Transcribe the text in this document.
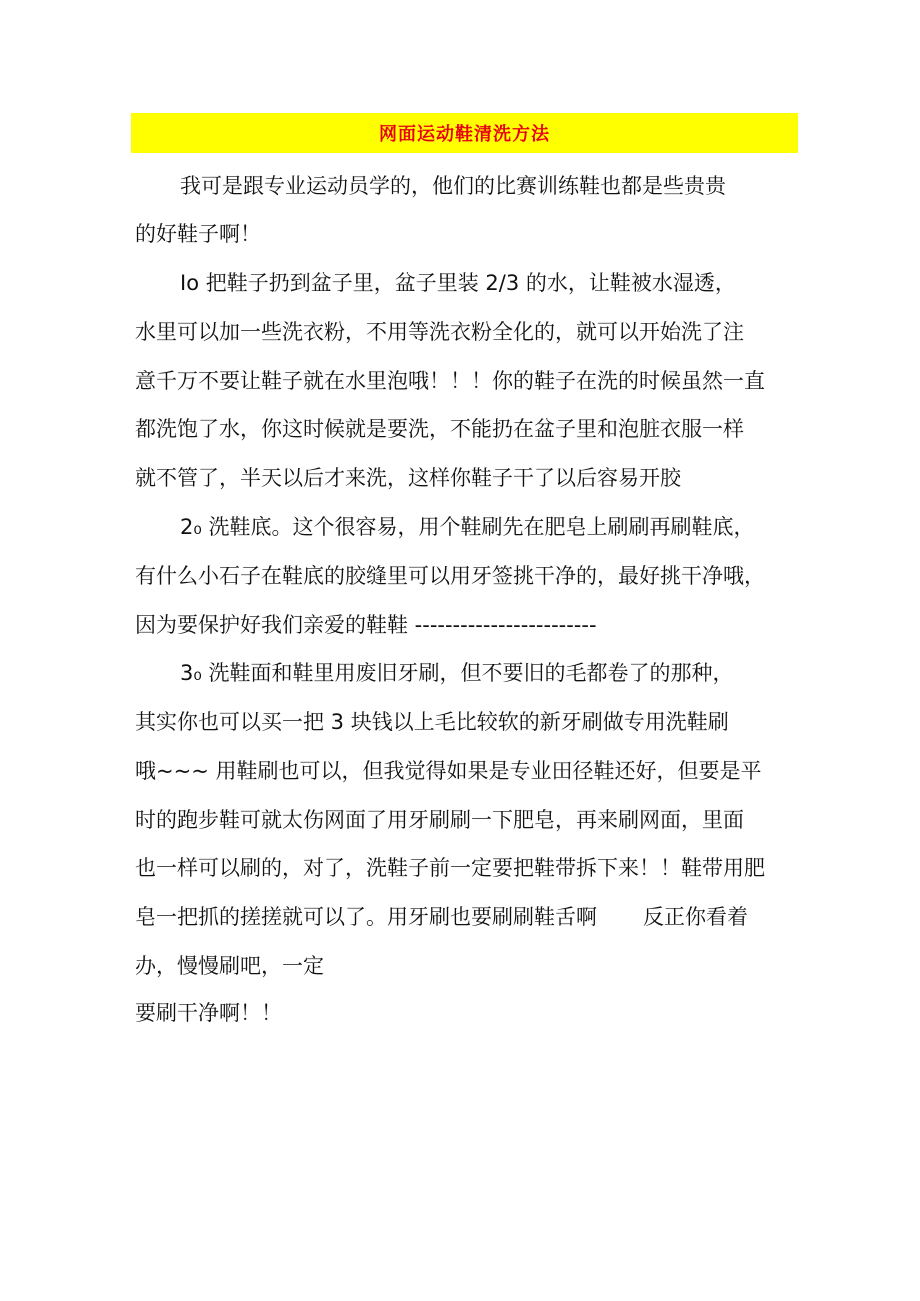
网面运动鞋清洗方法
我可是跟专业运动员学的，他们的比赛训练鞋也都是些贵贵
的好鞋子啊！
Io 把鞋子扔到盆子里，盆子里装 2/3 的水，让鞋被水湿透，
水里可以加一些洗衣粉，不用等洗衣粉全化的，就可以开始洗了注
意千万不要让鞋子就在水里泡哦！！！你的鞋子在洗的时候虽然一直
都洗饱了水，你这时候就是要洗，不能扔在盆子里和泡脏衣服一样
就不管了，半天以后才来洗，这样你鞋子干了以后容易开胶
2₀ 洗鞋底。这个很容易，用个鞋刷先在肥皂上刷刷再刷鞋底，
有什么小石子在鞋底的胶缝里可以用牙签挑干净的，最好挑干净哦，
因为要保护好我们亲爱的鞋鞋 ------------------------
3₀ 洗鞋面和鞋里用废旧牙刷，但不要旧的毛都卷了的那种，
其实你也可以买一把 3 块钱以上毛比较软的新牙刷做专用洗鞋刷
哦~~~ 用鞋刷也可以，但我觉得如果是专业田径鞋还好，但要是平
时的跑步鞋可就太伤网面了用牙刷刷一下肥皂，再来刷网面，里面
也一样可以刷的，对了，洗鞋子前一定要把鞋带拆下来！！鞋带用肥
皂一把抓的搓搓就可以了。用牙刷也要刷刷鞋舌啊 反正你看着
办，慢慢刷吧，一定
要刷干净啊！！
